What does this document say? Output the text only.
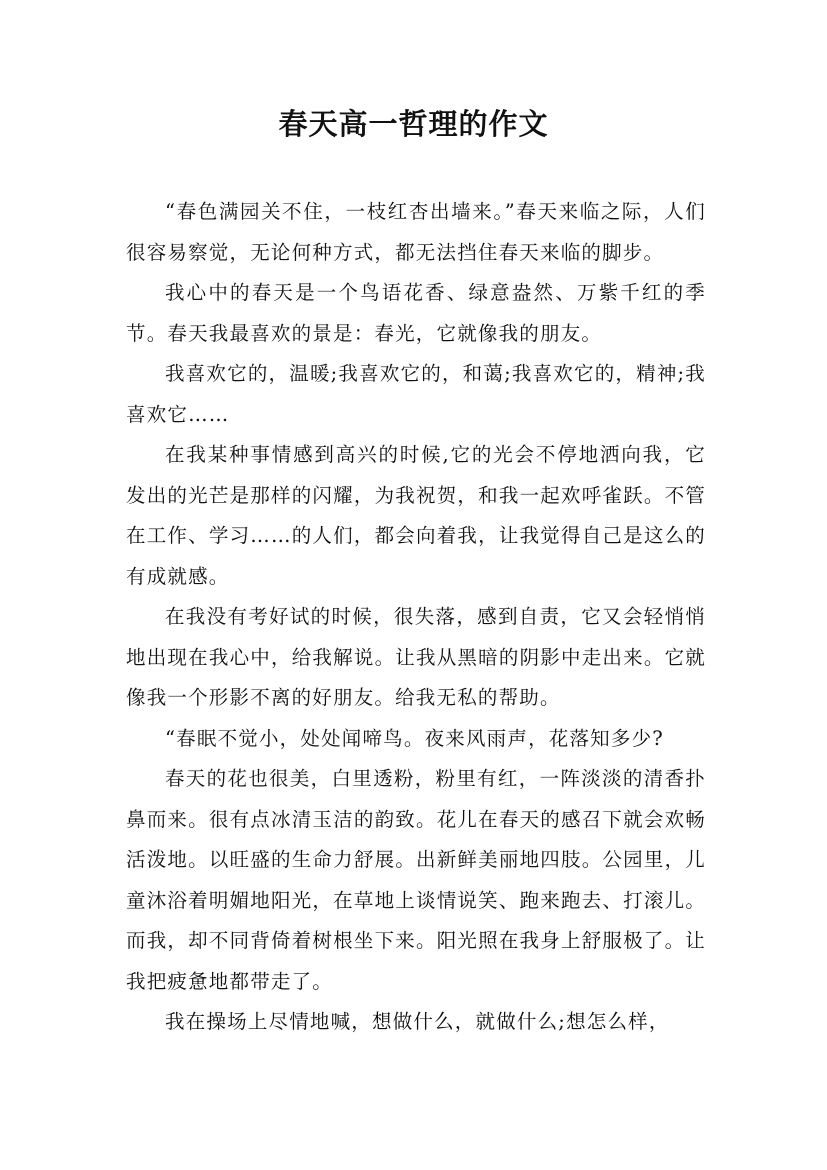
春天高一哲理的作文

“春色满园关不住，一枝红杏出墙来。”春天来临之际，人们很容易察觉，无论何种方式，都无法挡住春天来临的脚步。

我心中的春天是一个鸟语花香、绿意盎然、万紫千红的季节。春天我最喜欢的景是：春光，它就像我的朋友。

我喜欢它的，温暖;我喜欢它的，和蔼;我喜欢它的，精神;我喜欢它……

在我某种事情感到高兴的时候,它的光会不停地洒向我，它发出的光芒是那样的闪耀，为我祝贺，和我一起欢呼雀跃。不管在工作、学习……的人们，都会向着我，让我觉得自己是这么的有成就感。

在我没有考好试的时候，很失落，感到自责，它又会轻悄悄地出现在我心中，给我解说。让我从黑暗的阴影中走出来。它就像我一个形影不离的好朋友。给我无私的帮助。

“春眠不觉小，处处闻啼鸟。夜来风雨声，花落知多少?

春天的花也很美，白里透粉，粉里有红，一阵淡淡的清香扑鼻而来。很有点冰清玉洁的韵致。花儿在春天的感召下就会欢畅活泼地。以旺盛的生命力舒展。出新鲜美丽地四肢。公园里，儿童沐浴着明媚地阳光，在草地上谈情说笑、跑来跑去、打滚儿。而我，却不同背倚着树根坐下来。阳光照在我身上舒服极了。让我把疲惫地都带走了。

我在操场上尽情地喊，想做什么，就做什么;想怎么样，
